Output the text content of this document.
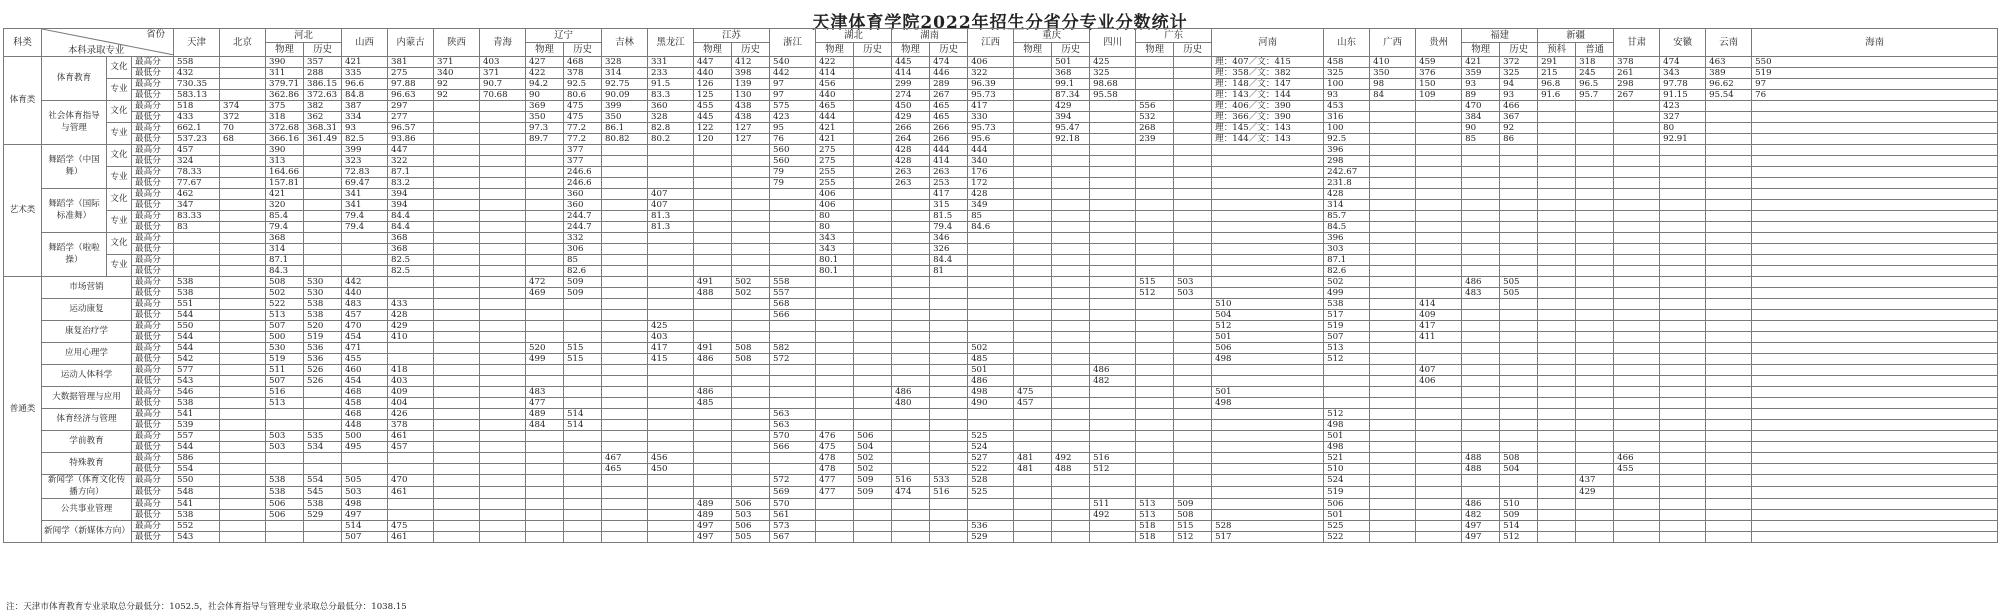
天津体育学院2022年招生分省分专业分数统计
科类	省份
本科录取专业			天津	北京	河北		山西	内蒙古	陕西	青海	辽宁		吉林	黑龙江	江苏		浙江	湖北		湖南		江西	重庆		四川	广东		河南	山东	广西	贵州	福建		新疆		甘肃	安徽	云南	海南
						物理	历史					物理	历史			物理	历史		物理	历史	物理	历史		物理	历史		物理	历史					物理	历史	预科	普通				
体育类	体育教育	文化	最高分	558		390	357	421	381	371	403	427	468	328	331	447	412	540	422		445	474	406		501	425			理：407／文：415	458	410	459	421	372	291	318	378	474	463	550
			最低分	432		311	288	335	275	340	371	422	378	314	233	440	398	442	414		414	446	322		368	325			理：358／文：382	325	350	376	359	325	215	245	261	343	389	519
		专业	最高分	730.35		379.71	386.15	96.6	97.88	92	90.7	94.2	92.5	92.75	91.5	126	139	97	456		299	289	96.39		99.1	98.68			理：148／文：147	100	98	150	93	94	96.8	96.5	298	97.78	96.62	97
			最低分	583.13		362.86	372.63	84.8	96.63	92	70.68	90	80.6	90.09	83.3	125	130	97	440		274	267	95.73		87.34	95.58			理：143／文：144	93	84	109	89	93	91.6	95.7	267	91.15	95.54	76
	社会体育指导与管理	文化	最高分	518	374	375	382	387	297			369	475	399	360	455	438	575	465		450	465	417		429		556		理：406／文：390	453			470	466				423		
			最低分	433	372	318	362	334	277			350	475	350	328	445	438	423	444		429	465	330		394		532		理：366／文：390	316			384	367				327		
		专业	最高分	662.1	70	372.68	368.31	93	96.57			97.3	77.2	86.1	82.8	122	127	95	421		266	266	95.73		95.47		268		理：145／文：143	100			90	92				80		
			最低分	537.23	68	366.16	361.49	82.5	93.86			89.7	77.2	80.82	80.2	120	127	76	421		264	266	95.6		92.18		239		理：144／文：143	92.5			85	86				92.91		
艺术类	舞蹈学（中国舞）	文化	最高分	457		390		399	447				377					560	275		428	444	444							396										
			最低分	324		313		323	322				377					560	275		428	414	340							298										
		专业	最高分	78.33		164.66		72.83	87.1				246.6					79	255		263	263	176							242.67										
			最低分	77.67		157.81		69.47	83.2				246.6					79	255		263	253	172							231.8										
	舞蹈学（国际标准舞）	文化	最高分	462		421		341	394				360		407				406			417	428							428										
			最低分	347		320		341	394				360		407				406			315	349							314										
		专业	最高分	83.33		85.4		79.4	84.4				244.7		81.3				80			81.5	85							85.7										
			最低分	83		79.4		79.4	84.4				244.7		81.3				80			79.4	84.6							84.5										
	舞蹈学（啦啦操）	文化	最高分			368			368				332						343			346								396										
			最低分			314			368				306						343			326								303										
		专业	最高分			87.1			82.5				85						80.1			84.4								87.1										
			最低分			84.3			82.5				82.6						80.1			81								82.6										
普通类	市场营销		最高分	538		508	530	442				472	509			491	502	558									515	503		502			486	505						
			最低分	538		502	530	440				469	509			488	502	557									512	503		499			483	505						
	运动康复		最高分	551		522	538	483	433									568											510	538		414								
			最低分	544		513	538	457	428									566											504	517		409								
	康复治疗学		最高分	550		507	520	470	429						425														512	519		417								
			最低分	544		500	519	454	410						403														501	507		411								
	应用心理学		最高分	544		530	536	471				520	515		417	491	508	582					502						506	513										
			最低分	542		519	536	455				499	515		415	486	508	572					485						498	512										
	运动人体科学		最高分	577		511	526	460	418														501			486						407								
			最低分	543		507	526	454	403														486			482						406								
	大数据管理与应用		最高分	546		516		468	409			483				486					486		498	475					501											
			最低分	538		513		458	404			477				485					480		490	457					498											
	体育经济与管理		最高分	541				468	426			489	514					563												512										
			最低分	539				448	378			484	514					563												498										
	学前教育		最高分	557		503	535	500	461									570	476	506			525							501										
			最低分	544		503	534	495	457									566	475	504			524							498										
	特殊教育		最高分	586										467	456				478	502			527	481	492	516				521			488	508			466			
			最低分	554										465	450				478	502			522	481	488	512				510			488	504			455			
	新闻学（体育文化传播方向）		最高分	550		538	554	505	470									572	477	509	516	533	528							524						437				
			最低分	548		538	545	503	461									569	477	509	474	516	525							519						429				
	公共事业管理		最高分	541		506	538	498								489	506	570								511	513	509		506			486	510						
			最低分	538		506	529	497								489	503	561								492	513	508		501			482	509						
	新闻学（新媒体方向）		最高分	552				514	475							497	506	573					536				518	515	528	525			497	514						
			最低分	543				507	461							497	505	567					529				518	512	517	522			497	512						
注：天津市体育教育专业录取总分最低分：1052.5，社会体育指导与管理专业录取总分最低分：1038.15
